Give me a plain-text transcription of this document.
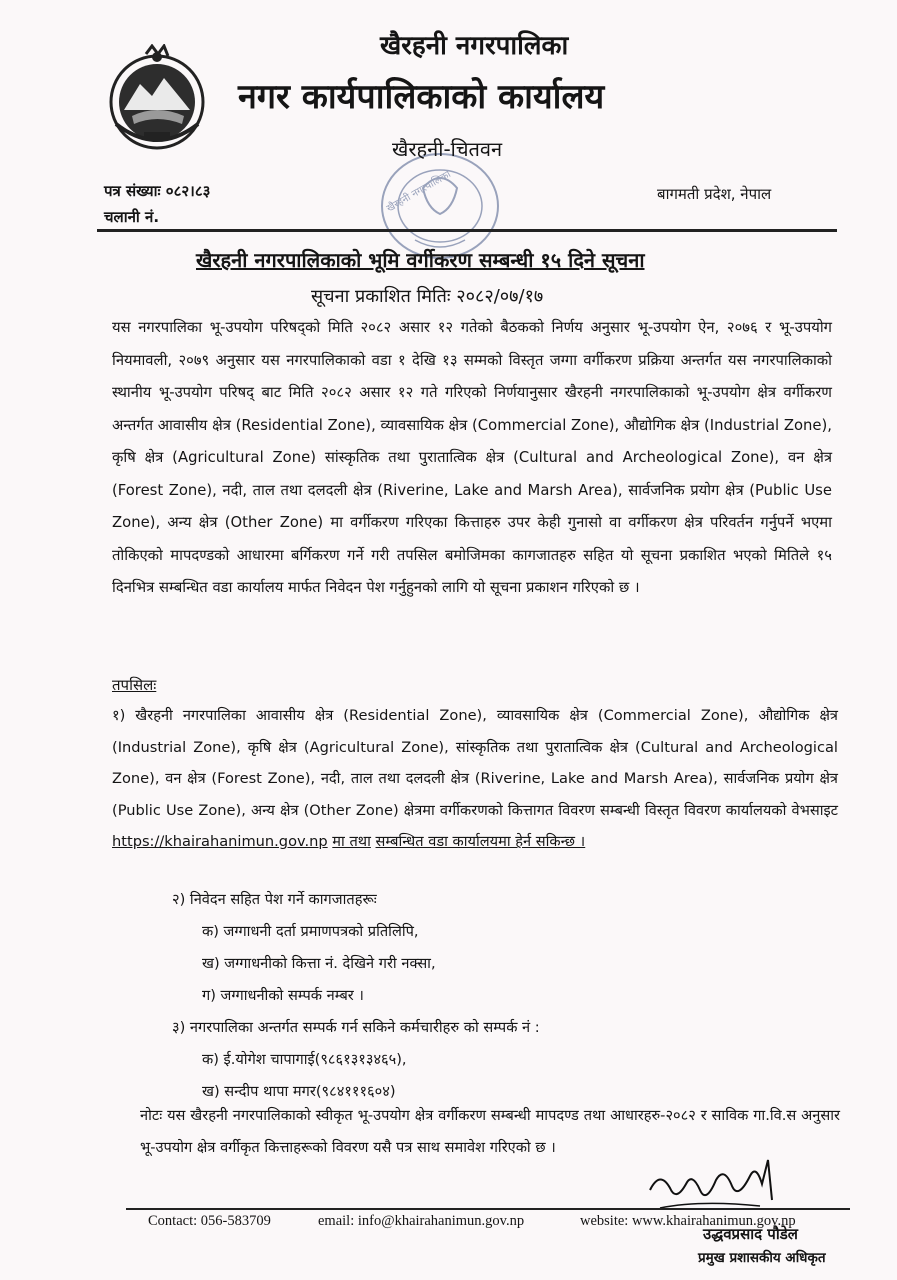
खैरहनी नगरपालिका
खैरहनी नगरपालिका
नगर कार्यपालिकाको कार्यालय
खैरहनी-चितवन
पत्र संख्याः ०८२।८३
चलानी नं.
बागमती प्रदेश, नेपाल
खैरहनी नगरपालिकाको भूमि वर्गीकरण सम्बन्धी १५ दिने सूचना
सूचना प्रकाशित मितिः २०८२/०७/१७

यस नगरपालिका भू-उपयोग परिषद्को मिति २०८२ असार १२ गतेको बैठकको निर्णय अनुसार भू-उपयोग ऐन, २०७६ र भू-उपयोग नियमावली, २०७९ अनुसार यस नगरपालिकाको वडा १ देखि १३ सम्मको विस्तृत जग्गा वर्गीकरण प्रक्रिया अन्तर्गत यस नगरपालिकाको स्थानीय भू-उपयोग परिषद् बाट मिति २०८२ असार १२ गते गरिएको निर्णयानुसार खैरहनी नगरपालिकाको भू-उपयोग क्षेत्र वर्गीकरण अन्तर्गत आवासीय क्षेत्र (Residential Zone), व्यावसायिक क्षेत्र (Commercial Zone), औद्योगिक क्षेत्र (Industrial Zone), कृषि क्षेत्र (Agricultural Zone) सांस्कृतिक तथा पुरातात्विक क्षेत्र (Cultural and Archeological Zone), वन क्षेत्र (Forest Zone), नदी, ताल तथा दलदली क्षेत्र (Riverine, Lake and Marsh Area), सार्वजनिक प्रयोग क्षेत्र (Public Use Zone), अन्य क्षेत्र (Other Zone) मा वर्गीकरण गरिएका कित्ताहरु उपर केही गुनासो वा वर्गीकरण क्षेत्र परिवर्तन गर्नुपर्ने भएमा तोकिएको मापदण्डको आधारमा बर्गिकरण गर्ने गरी तपसिल बमोजिमका कागजातहरु सहित यो सूचना प्रकाशित भएको मितिले १५ दिनभित्र सम्बन्धित वडा कार्यालय मार्फत निवेदन पेश गर्नुहुनको लागि यो सूचना प्रकाशन गरिएको छ ।

तपसिलः

१) खैरहनी नगरपालिका आवासीय क्षेत्र (Residential Zone), व्यावसायिक क्षेत्र (Commercial Zone), औद्योगिक क्षेत्र (Industrial Zone), कृषि क्षेत्र (Agricultural Zone), सांस्कृतिक तथा पुरातात्विक क्षेत्र (Cultural and Archeological Zone), वन क्षेत्र (Forest Zone), नदी, ताल तथा दलदली क्षेत्र (Riverine, Lake and Marsh Area), सार्वजनिक प्रयोग क्षेत्र (Public Use Zone), अन्य क्षेत्र (Other Zone) क्षेत्रमा वर्गीकरणको कित्तागत विवरण सम्बन्धी विस्तृत विवरण कार्यालयको वेभसाइट https://khairahanimun.gov.np मा तथा सम्बन्धित वडा कार्यालयमा हेर्न सकिन्छ ।

२) निवेदन सहित पेश गर्ने कागजातहरूः
क) जग्गाधनी दर्ता प्रमाणपत्रको प्रतिलिपि,
ख) जग्गाधनीको कित्ता नं. देखिने गरी नक्सा,
ग) जग्गाधनीको सम्पर्क नम्बर ।
३) नगरपालिका अन्तर्गत सम्पर्क गर्न सकिने कर्मचारीहरु को सम्पर्क नं :
क) ई.योगेश चापागाई(९८६१३१३४६५),
ख) सन्दीप थापा मगर(९८४१११६०४)

नोटः यस खैरहनी नगरपालिकाको स्वीकृत भू-उपयोग क्षेत्र वर्गीकरण सम्बन्धी मापदण्ड तथा आधारहरु-२०८२ र साविक गा.वि.स अनुसार भू-उपयोग क्षेत्र वर्गीकृत कित्ताहरूको विवरण यसै पत्र साथ समावेश गरिएको छ ।

Contact: 056-583709	email: info@khairahanimun.gov.np	website: www.khairahanimun.gov.np
उद्धवप्रसाद पौडेल
प्रमुख प्रशासकीय अधिकृत
